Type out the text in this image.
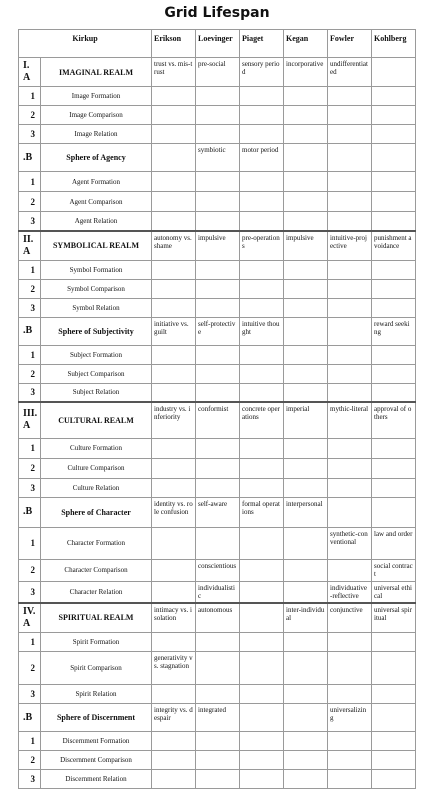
Grid Lifespan
Kirkup		Erikson	Loevinger	Piaget	Kegan	Fowler	Kohlberg
I. A	IMAGINAL REALM	trust vs. mis-trust	pre-social	sensory period	incorporative	undifferentiated	
1	Image Formation						
2	Image Comparison						
3	Image Relation						
.B	Sphere of Agency		symbiotic	motor period			
1	Agent Formation						
2	Agent Comparison						
3	Agent Relation						
II. A	SYMBOLICAL REALM	autonomy vs. shame	impulsive	pre-operations	impulsive	intuitive-projective	punishment avoidance
1	Symbol Formation						
2	Symbol Comparison						
3	Symbol Relation						
.B	Sphere of Subjectivity	initiative vs. guilt	self-protective	intuitive thought			reward seeking
1	Subject Formation						
2	Subject Comparison						
3	Subject Relation						
III. A	CULTURAL REALM	industry vs. inferiority	conformist	concrete operations	imperial	mythic-literal	approval of others
1	Culture Formation						
2	Culture Comparison						
3	Culture Relation						
.B	Sphere of Character	identity vs. role confusion	self-aware	formal operations	interpersonal		
1	Character Formation					synthetic-conventional	law and order
2	Character Comparison		conscientious				social contract
3	Character Relation		individualistic			individuative-reflective	universal ethical
IV. A	SPIRITUAL REALM	intimacy vs. isolation	autonomous		inter-individual	conjunctive	universal spiritual
1	Spirit Formation						
2	Spirit Comparison	generativity vs. stagnation					
3	Spirit Relation						
.B	Sphere of Discernment	integrity vs. despair	integrated			universalizing	
1	Discernment Formation						
2	Discernment Comparison						
3	Discernment Relation						
